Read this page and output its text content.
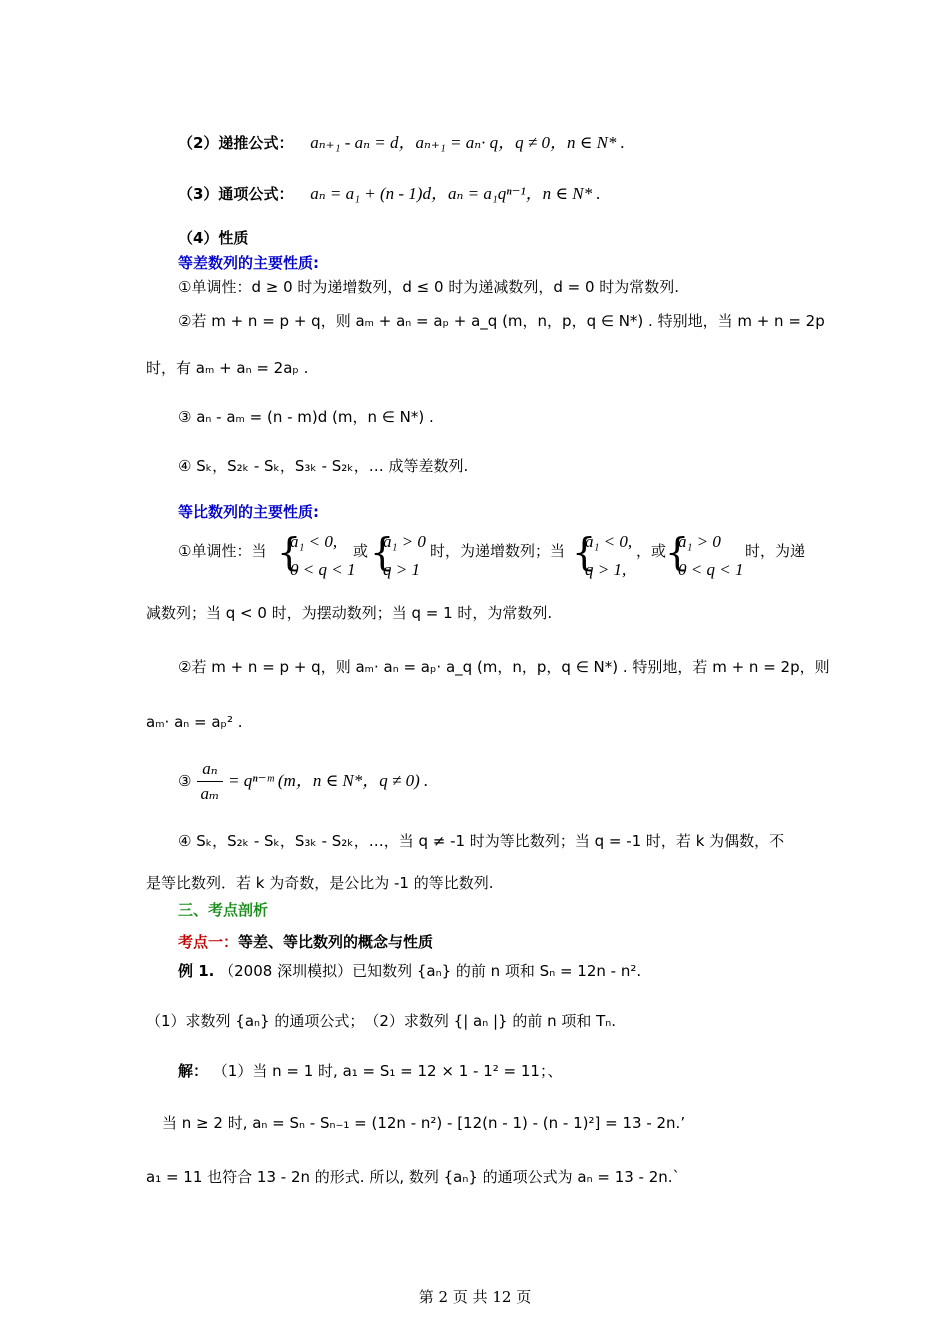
（2）递推公式： aₙ₊₁ - aₙ = d，aₙ₊₁ = aₙ· q，q ≠ 0，n ∈ N* .
（3）通项公式： aₙ = a₁ + (n - 1)d，aₙ = a₁qⁿ⁻¹，n ∈ N* .
（4）性质
等差数列的主要性质:
①单调性：d ≥ 0 时为递增数列，d ≤ 0 时为递减数列，d = 0 时为常数列.
②若 m + n = p + q，则 aₘ + aₙ = aₚ + a_q (m，n，p，q ∈ N*) . 特别地，当 m + n = 2p
时，有 aₘ + aₙ = 2aₚ .
③ aₙ - aₘ = (n - m)d (m，n ∈ N*) .
④ Sₖ，S₂ₖ - Sₖ，S₃ₖ - S₂ₖ，… 成等差数列.
等比数列的主要性质:
①单调性：当 {
a₁ < 0,
0 < q < 1
或 {
a₁ > 0
q > 1
时，为递增数列；当 {
a₁ < 0,
q > 1,
，或
{
a₁ > 0
0 < q < 1
时，为递
减数列；当 q < 0 时，为摆动数列；当 q = 1 时，为常数列.
②若 m + n = p + q，则 aₘ· aₙ = aₚ· a_q (m，n，p，q ∈ N*) . 特别地，若 m + n = 2p，则
aₘ· aₙ = aₚ² .
③
aₙ
aₘ
= qⁿ⁻ᵐ (m，n ∈ N*，q ≠ 0) .
④ Sₖ，S₂ₖ - Sₖ，S₃ₖ - S₂ₖ，…，当 q ≠ -1 时为等比数列；当 q = -1 时，若 k 为偶数，不
是等比数列．若 k 为奇数，是公比为 -1 的等比数列.
三、考点剖析
考点一：等差、等比数列的概念与性质
例 1. （2008 深圳模拟）已知数列 {aₙ} 的前 n 项和 Sₙ = 12n - n².
（1）求数列 {aₙ} 的通项公式；　（2）求数列 {| aₙ |} 的前 n 项和 Tₙ.
解： （1）当 n = 1 时, a₁ = S₁ = 12 × 1 - 1² = 11；、
当 n ≥ 2 时, aₙ = Sₙ - Sₙ₋₁ = (12n - n²) - [12(n - 1) - (n - 1)²] = 13 - 2n.’
a₁ = 11 也符合 13 - 2n 的形式. 所以, 数列 {aₙ} 的通项公式为 aₙ = 13 - 2n.`
第 2 页 共 12 页
